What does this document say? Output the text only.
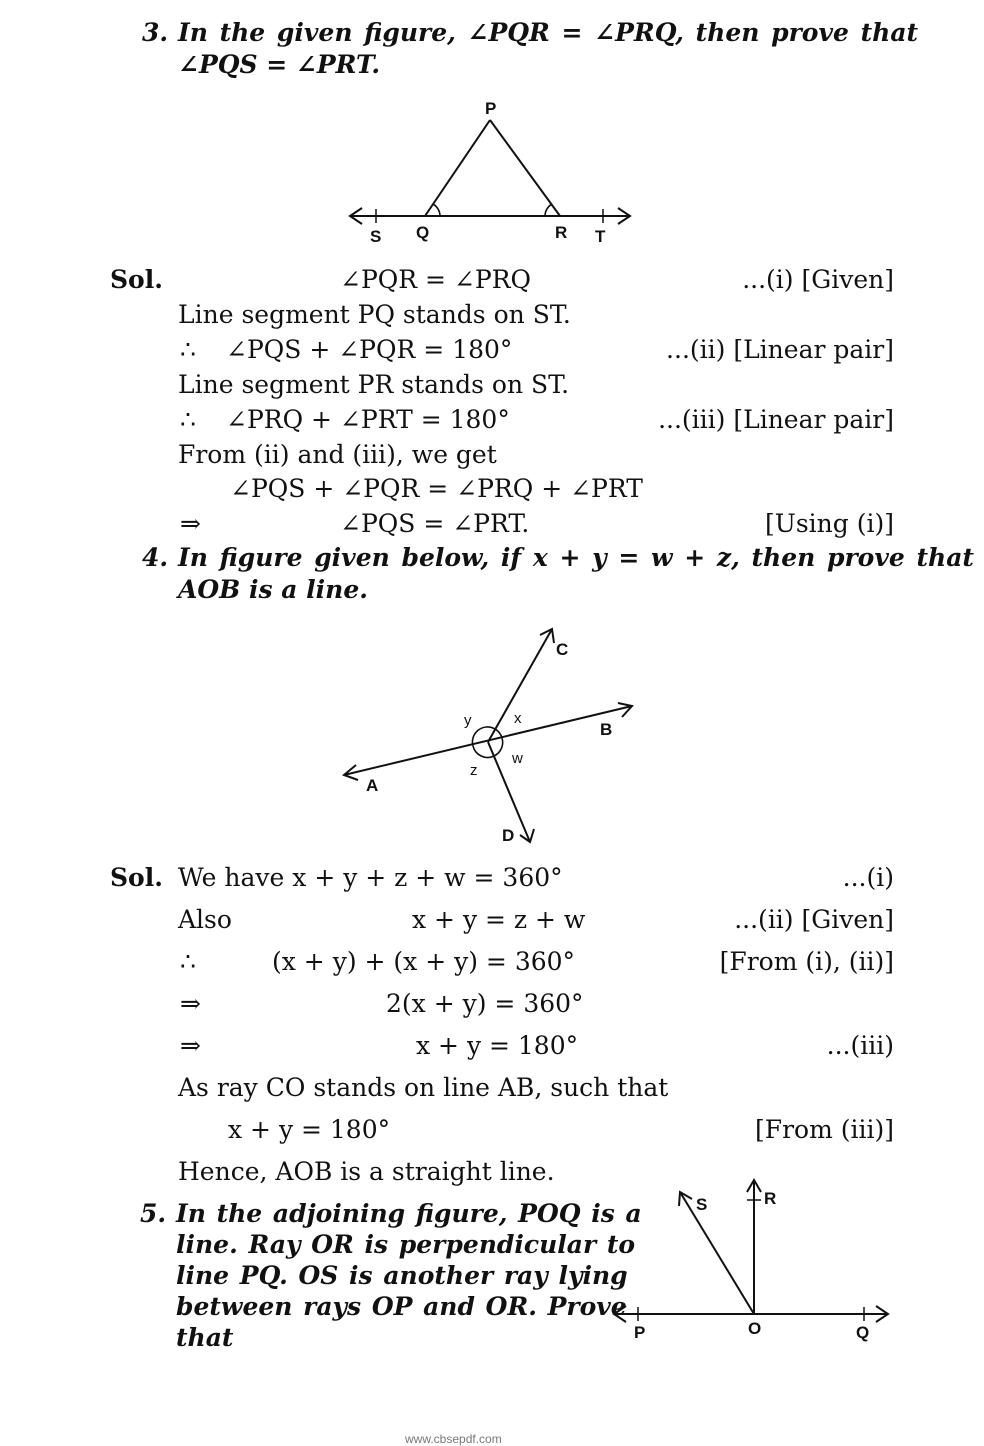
3. In the given figure, ∠PQR = ∠PRQ, then prove that
∠PQS = ∠PRT.
P
S Q	R T
Sol.	∠PQR = ∠PRQ	...(i) [Given]
Line segment PQ stands on ST.
∴ ∠PQS + ∠PQR = 180°	...(ii) [Linear pair]
Line segment PR stands on ST.
∴ ∠PRQ + ∠PRT = 180°	...(iii) [Linear pair]
From (ii) and (iii), we get
∠PQS + ∠PQR = ∠PRQ + ∠PRT
⇒	∠PQS = ∠PRT.	[Using (i)]
4. In figure given below, if x + y = w + z, then prove that
AOB is a line.
C
B
A
D
y	x
z
w
Sol. We have x + y + z + w = 360°	...(i)
Also	x + y = z + w	...(ii) [Given]
∴	(x + y) + (x + y) = 360°	[From (i), (ii)]
⇒	2(x + y) = 360°
⇒	x + y = 180°	...(iii)
As ray CO stands on line AB, such that
x + y = 180°	[From (iii)]
Hence, AOB is a straight line.
5. In the adjoining figure, POQ is a
line. Ray OR is perpendicular to
line PQ. OS is another ray lying
between rays OP and OR. Prove
that
S	R
P	O	Q
www.cbsepdf.com
